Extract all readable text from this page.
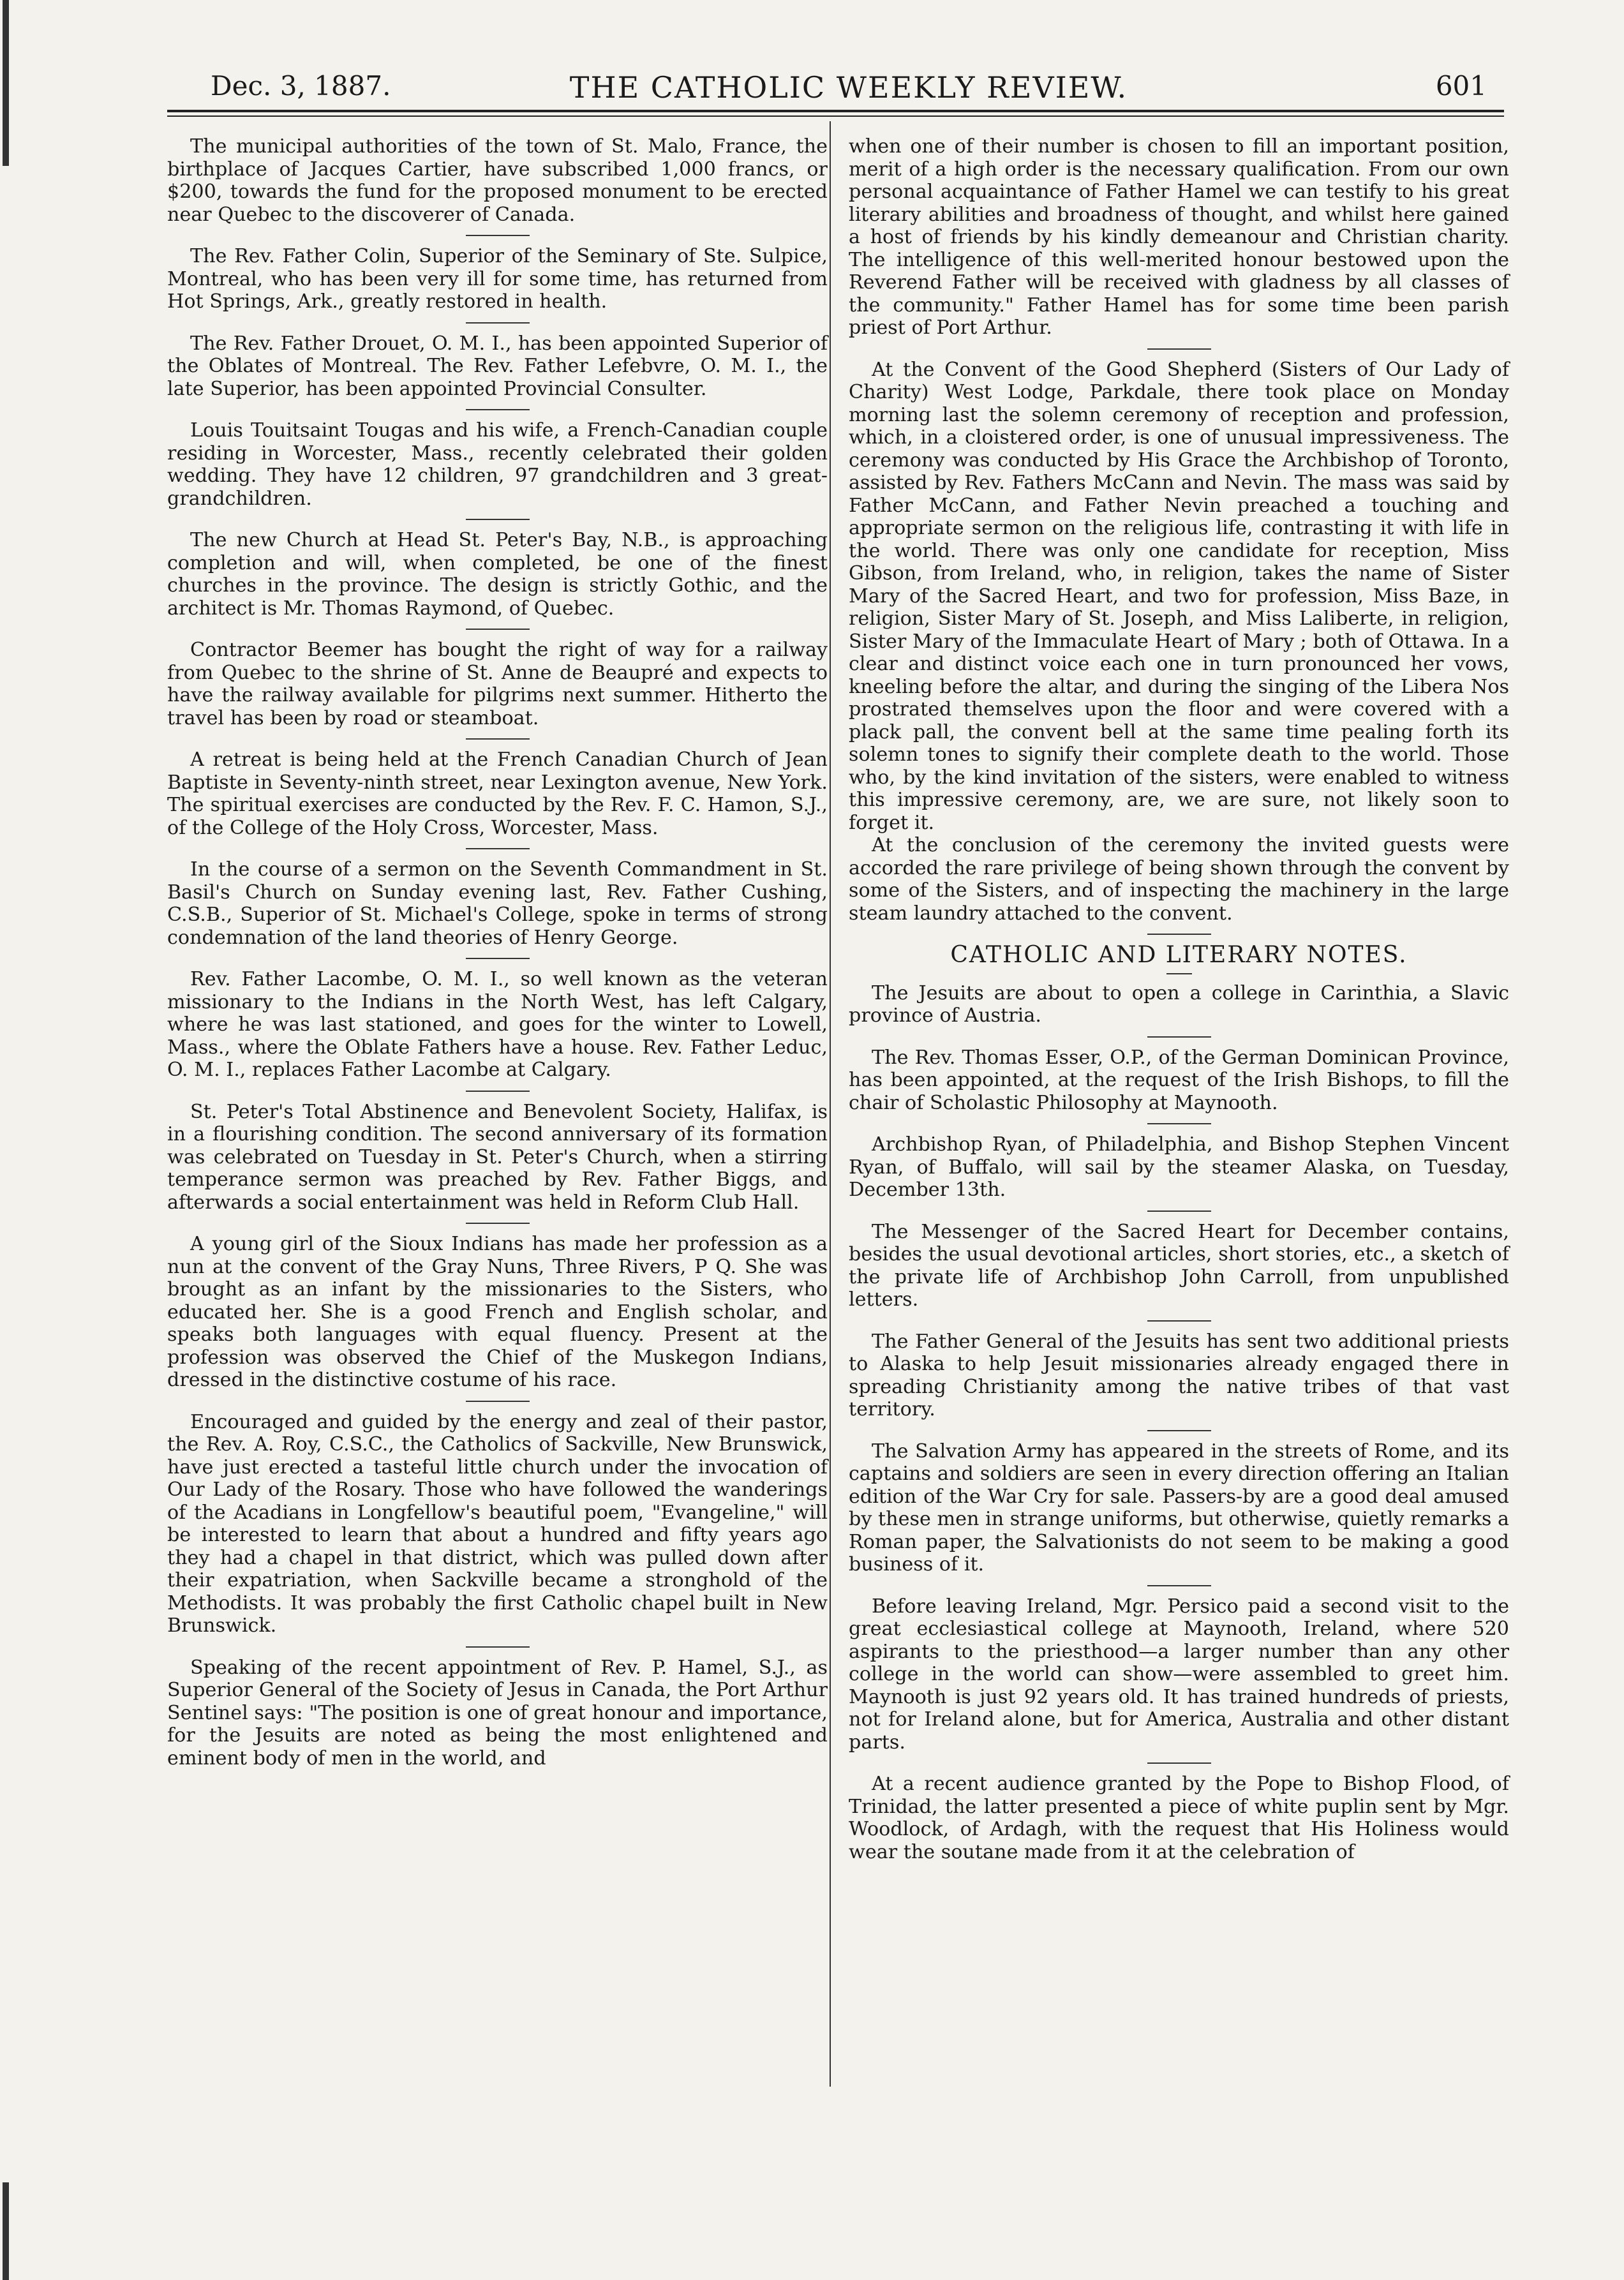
Dec. 3, 1887.	THE CATHOLIC WEEKLY REVIEW.	601

The municipal authorities of the town of St. Malo, France, the birthplace of Jacques Cartier, have subscribed 1,000 francs, or $200, towards the fund for the proposed monument to be erected near Quebec to the discoverer of Canada.

The Rev. Father Colin, Superior of the Seminary of Ste. Sulpice, Montreal, who has been very ill for some time, has returned from Hot Springs, Ark., greatly restored in health.

The Rev. Father Drouet, O. M. I., has been appointed Superior of the Oblates of Montreal. The Rev. Father Lefebvre, O. M. I., the late Superior, has been appointed Provincial Consulter.

Louis Touitsaint Tougas and his wife, a French-Canadian couple residing in Worcester, Mass., recently celebrated their golden wedding. They have 12 children, 97 grandchildren and 3 great-grandchildren.

The new Church at Head St. Peter's Bay, N.B., is approaching completion and will, when completed, be one of the finest churches in the province. The design is strictly Gothic, and the architect is Mr. Thomas Raymond, of Quebec.

Contractor Beemer has bought the right of way for a railway from Quebec to the shrine of St. Anne de Beaupré and expects to have the railway available for pilgrims next summer. Hitherto the travel has been by road or steamboat.

A retreat is being held at the French Canadian Church of Jean Baptiste in Seventy-ninth street, near Lexington avenue, New York. The spiritual exercises are conducted by the Rev. F. C. Hamon, S.J., of the College of the Holy Cross, Worcester, Mass.

In the course of a sermon on the Seventh Commandment in St. Basil's Church on Sunday evening last, Rev. Father Cushing, C.S.B., Superior of St. Michael's College, spoke in terms of strong condemnation of the land theories of Henry George.

Rev. Father Lacombe, O. M. I., so well known as the veteran missionary to the Indians in the North West, has left Calgary, where he was last stationed, and goes for the winter to Lowell, Mass., where the Oblate Fathers have a house. Rev. Father Leduc, O. M. I., replaces Father Lacombe at Calgary.

St. Peter's Total Abstinence and Benevolent Society, Halifax, is in a flourishing condition. The second anniversary of its formation was celebrated on Tuesday in St. Peter's Church, when a stirring temperance sermon was preached by Rev. Father Biggs, and afterwards a social entertainment was held in Reform Club Hall.

A young girl of the Sioux Indians has made her profession as a nun at the convent of the Gray Nuns, Three Rivers, P Q. She was brought as an infant by the missionaries to the Sisters, who educated her. She is a good French and English scholar, and speaks both languages with equal fluency. Present at the profession was observed the Chief of the Muskegon Indians, dressed in the distinctive costume of his race.

Encouraged and guided by the energy and zeal of their pastor, the Rev. A. Roy, C.S.C., the Catholics of Sackville, New Brunswick, have just erected a tasteful little church under the invocation of Our Lady of the Rosary. Those who have followed the wanderings of the Acadians in Longfellow's beautiful poem, "Evangeline," will be interested to learn that about a hundred and fifty years ago they had a chapel in that district, which was pulled down after their expatriation, when Sackville became a stronghold of the Methodists. It was probably the first Catholic chapel built in New Brunswick.

Speaking of the recent appointment of Rev. P. Hamel, S.J., as Superior General of the Society of Jesus in Canada, the Port Arthur Sentinel says: "The position is one of great honour and importance, for the Jesuits are noted as being the most enlightened and eminent body of men in the world, and

when one of their number is chosen to fill an important position, merit of a high order is the necessary qualification. From our own personal acquaintance of Father Hamel we can testify to his great literary abilities and broadness of thought, and whilst here gained a host of friends by his kindly demeanour and Christian charity. The intelligence of this well-merited honour bestowed upon the Reverend Father will be received with gladness by all classes of the community." Father Hamel has for some time been parish priest of Port Arthur.

At the Convent of the Good Shepherd (Sisters of Our Lady of Charity) West Lodge, Parkdale, there took place on Monday morning last the solemn ceremony of reception and profession, which, in a cloistered order, is one of unusual impressiveness. The ceremony was conducted by His Grace the Archbishop of Toronto, assisted by Rev. Fathers McCann and Nevin. The mass was said by Father McCann, and Father Nevin preached a touching and appropriate sermon on the religious life, contrasting it with life in the world. There was only one candidate for reception, Miss Gibson, from Ireland, who, in religion, takes the name of Sister Mary of the Sacred Heart, and two for profession, Miss Baze, in religion, Sister Mary of St. Joseph, and Miss Laliberte, in religion, Sister Mary of the Immaculate Heart of Mary ; both of Ottawa. In a clear and distinct voice each one in turn pronounced her vows, kneeling before the altar, and during the singing of the Libera Nos prostrated themselves upon the floor and were covered with a plack pall, the convent bell at the same time pealing forth its solemn tones to signify their complete death to the world. Those who, by the kind invitation of the sisters, were enabled to witness this impressive ceremony, are, we are sure, not likely soon to forget it.

At the conclusion of the ceremony the invited guests were accorded the rare privilege of being shown through the convent by some of the Sisters, and of inspecting the machinery in the large steam laundry attached to the convent.

CATHOLIC AND LITERARY NOTES.

The Jesuits are about to open a college in Carinthia, a Slavic province of Austria.

The Rev. Thomas Esser, O.P., of the German Dominican Province, has been appointed, at the request of the Irish Bishops, to fill the chair of Scholastic Philosophy at Maynooth.

Archbishop Ryan, of Philadelphia, and Bishop Stephen Vincent Ryan, of Buffalo, will sail by the steamer Alaska, on Tuesday, December 13th.

The Messenger of the Sacred Heart for December contains, besides the usual devotional articles, short stories, etc., a sketch of the private life of Archbishop John Carroll, from unpublished letters.

The Father General of the Jesuits has sent two additional priests to Alaska to help Jesuit missionaries already engaged there in spreading Christianity among the native tribes of that vast territory.

The Salvation Army has appeared in the streets of Rome, and its captains and soldiers are seen in every direction offering an Italian edition of the War Cry for sale. Passers-by are a good deal amused by these men in strange uniforms, but otherwise, quietly remarks a Roman paper, the Salvationists do not seem to be making a good business of it.

Before leaving Ireland, Mgr. Persico paid a second visit to the great ecclesiastical college at Maynooth, Ireland, where 520 aspirants to the priesthood—a larger number than any other college in the world can show—were assembled to greet him. Maynooth is just 92 years old. It has trained hundreds of priests, not for Ireland alone, but for America, Australia and other distant parts.

At a recent audience granted by the Pope to Bishop Flood, of Trinidad, the latter presented a piece of white puplin sent by Mgr. Woodlock, of Ardagh, with the request that His Holiness would wear the soutane made from it at the celebration of
